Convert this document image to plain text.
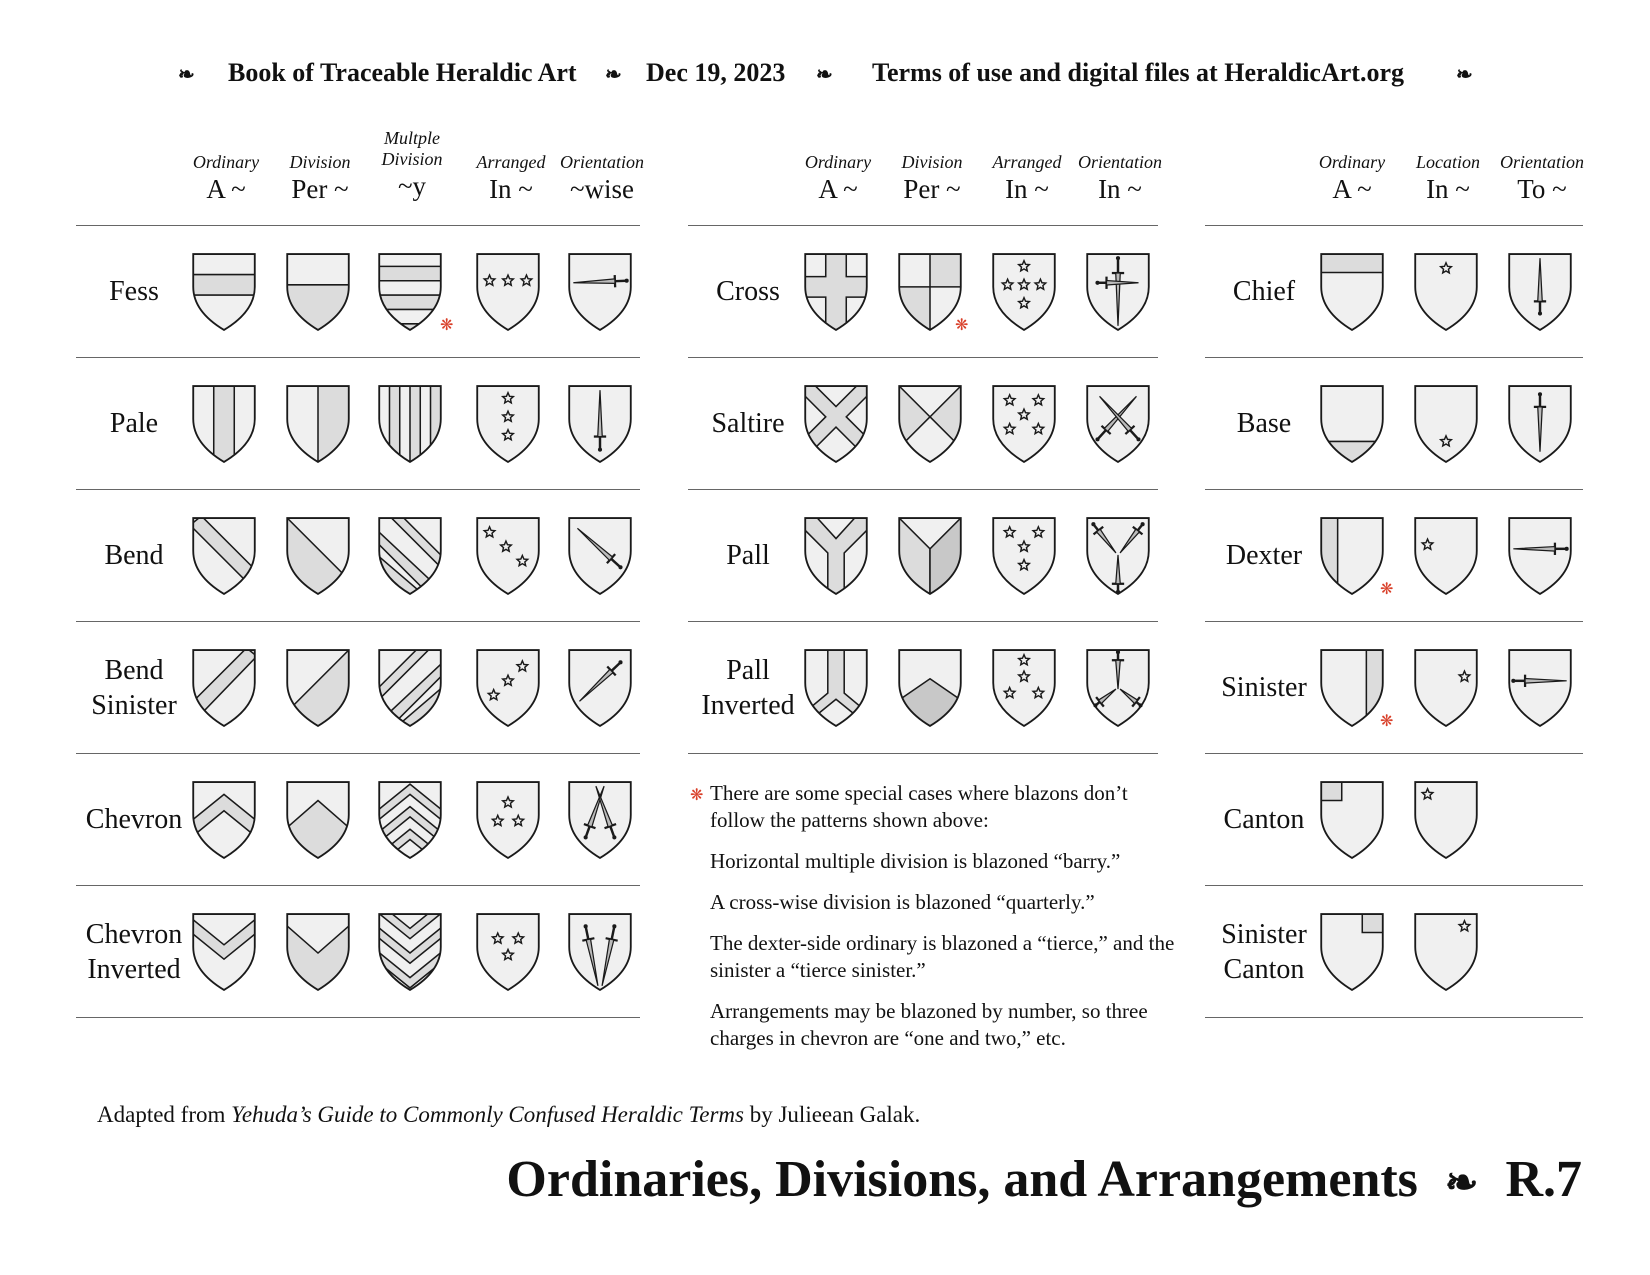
❧ Book of Traceable Heraldic Art ❧ Dec 19, 2023 ❧ Terms of use and digital files at HeraldicArt.org	❧
Ordinary
A ~
Division
Per ~
Multple Division
~y
Arranged
In ~
Orientation
~wise
Ordinary
A ~
Division
Per ~
Arranged
In ~
Orientation
In ~
Ordinary
A ~
Location
In ~
Orientation
To ~
Fess
Pale
Bend
Bend Sinister
Chevron
Chevron Inverted
Cross
Saltire
Pall
Pall Inverted
Chief
Base
Dexter
Sinister
Canton
Sinister Canton
❋	❋
❋
❋
❋ There are some special cases where blazons don’t follow the patterns shown above:

Horizontal multiple division is blazoned “barry.”

A cross-wise division is blazoned “quarterly.”

The dexter-side ordinary is blazoned a “tierce,” and the sinister a “tierce sinister.”

Arrangements may be blazoned by number, so three charges in chevron are “one and two,” etc.

Adapted from Yehuda’s Guide to Commonly Confused Heraldic Terms by Julieean Galak.
Ordinaries, Divisions, and Arrangements ❧ R.7
